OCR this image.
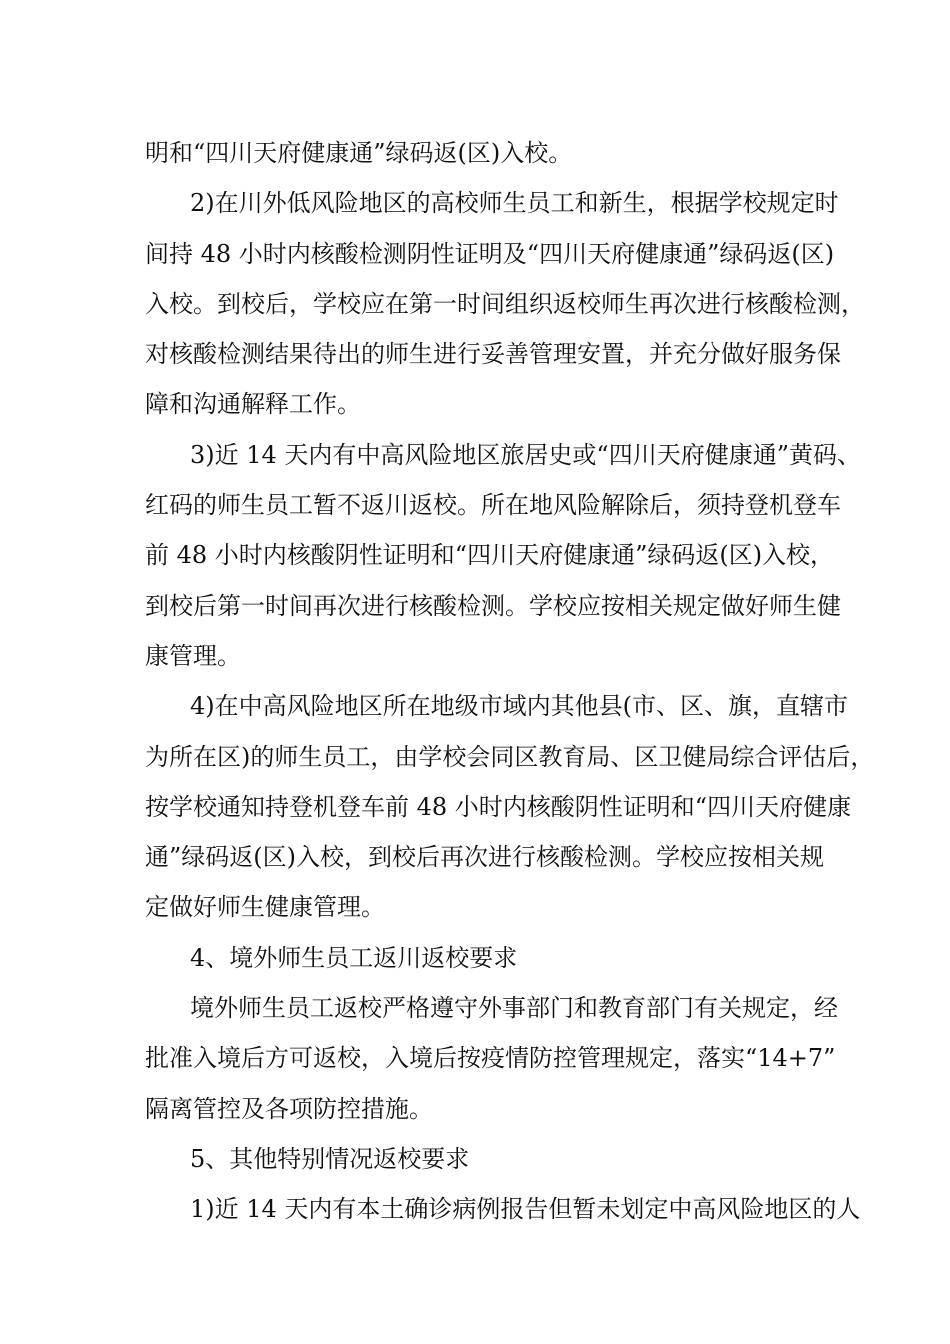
明和“四川天府健康通”绿码返(区)入校。
2)在川外低风险地区的高校师生员工和新生，根据学校规定时
间持 48 小时内核酸检测阴性证明及“四川天府健康通”绿码返(区)
入校。到校后，学校应在第一时间组织返校师生再次进行核酸检测，
对核酸检测结果待出的师生进行妥善管理安置，并充分做好服务保
障和沟通解释工作。
3)近 14 天内有中高风险地区旅居史或“四川天府健康通”黄码、
红码的师生员工暂不返川返校。所在地风险解除后，须持登机登车
前 48 小时内核酸阴性证明和“四川天府健康通”绿码返(区)入校，
到校后第一时间再次进行核酸检测。学校应按相关规定做好师生健
康管理。
4)在中高风险地区所在地级市域内其他县(市、区、旗，直辖市
为所在区)的师生员工，由学校会同区教育局、区卫健局综合评估后，
按学校通知持登机登车前 48 小时内核酸阴性证明和“四川天府健康
通”绿码返(区)入校，到校后再次进行核酸检测。学校应按相关规
定做好师生健康管理。
4、境外师生员工返川返校要求
境外师生员工返校严格遵守外事部门和教育部门有关规定，经
批准入境后方可返校，入境后按疫情防控管理规定，落实“14+7”
隔离管控及各项防控措施。
5、其他特别情况返校要求
1)近 14 天内有本土确诊病例报告但暂未划定中高风险地区的人
